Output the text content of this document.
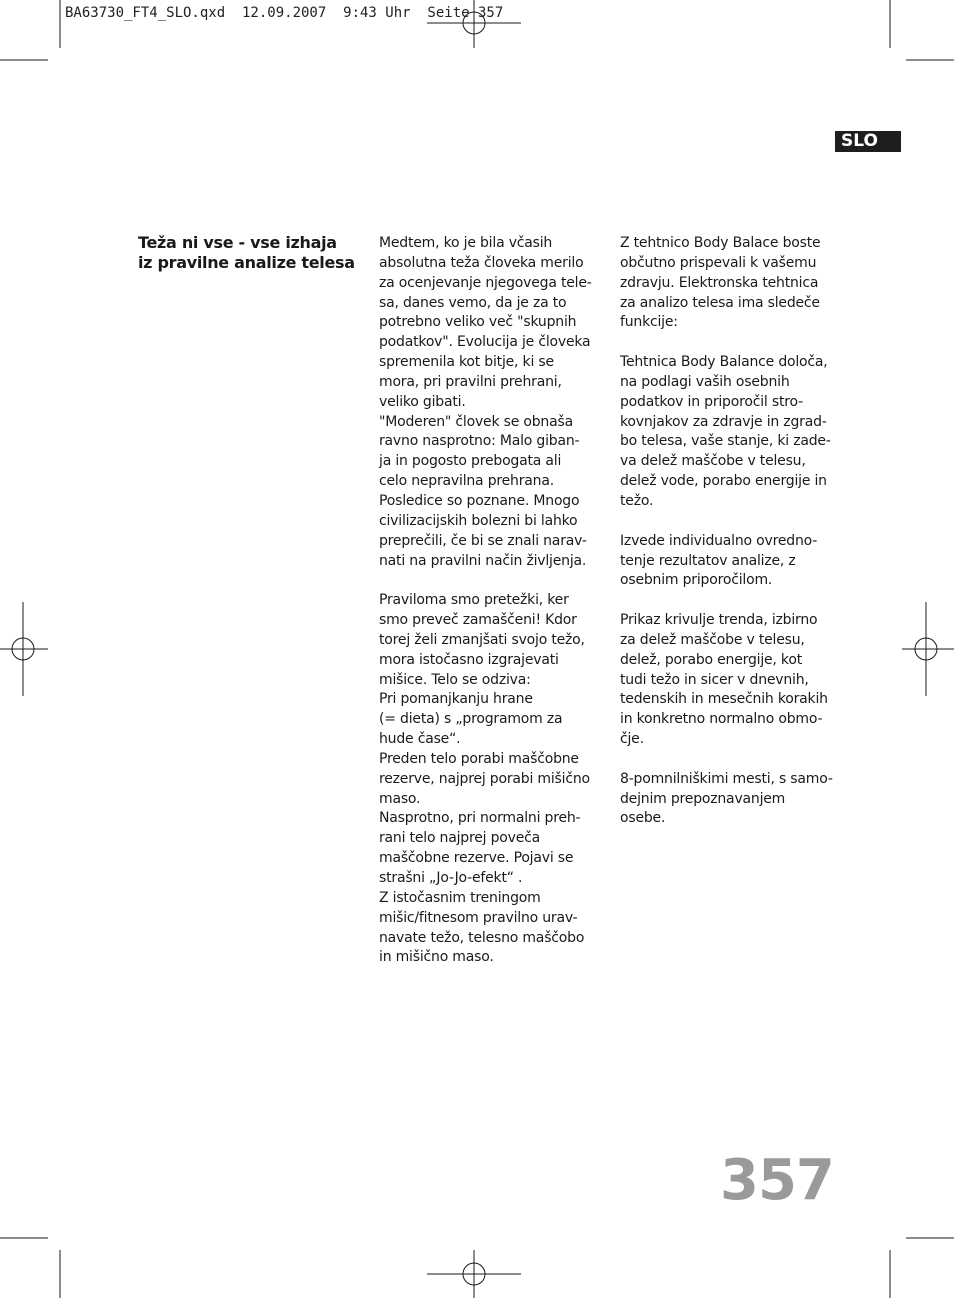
BA63730_FT4_SLO.qxd  12.09.2007  9:43 Uhr  Seite 357
SLO
Teža ni vse - vse izhaja
iz pravilne analize telesa
Medtem, ko je bila včasih
absolutna teža človeka merilo
za ocenjevanje njegovega tele-
sa, danes vemo, da je za to
potrebno veliko več "skupnih
podatkov". Evolucija je človeka
spremenila kot bitje, ki se
mora, pri pravilni prehrani,
veliko gibati.
"Moderen" človek se obnaša
ravno nasprotno: Malo giban-
ja in pogosto prebogata ali
celo nepravilna prehrana.
Posledice so poznane. Mnogo
civilizacijskih bolezni bi lahko
preprečili, če bi se znali narav-
nati na pravilni način življenja.
Praviloma smo pretežki, ker
smo preveč zamaščeni! Kdor
torej želi zmanjšati svojo težo,
mora istočasno izgrajevati
mišice. Telo se odziva:
Pri pomanjkanju hrane
(= dieta) s „programom za
hude čase“.
Preden telo porabi maščobne
rezerve, najprej porabi mišično
maso.
Nasprotno, pri normalni preh-
rani telo najprej poveča
maščobne rezerve. Pojavi se
strašni „Jo-Jo-efekt“ .
Z istočasnim treningom
mišic/fitnesom pravilno urav-
navate težo, telesno maščobo
in mišično maso.
Z tehtnico Body Balace boste
občutno prispevali k vašemu
zdravju. Elektronska tehtnica
za analizo telesa ima sledeče
funkcije:
Tehtnica Body Balance določa,
na podlagi vaših osebnih
podatkov in priporočil stro-
kovnjakov za zdravje in zgrad-
bo telesa, vaše stanje, ki zade-
va delež maščobe v telesu,
delež vode, porabo energije in
težo.
Izvede individualno ovredno-
tenje rezultatov analize, z
osebnim priporočilom.
Prikaz krivulje trenda, izbirno
za delež maščobe v telesu,
delež, porabo energije, kot
tudi težo in sicer v dnevnih,
tedenskih in mesečnih korakih
in konkretno normalno obmo-
čje.
8-pomnilniškimi mesti, s samo-
dejnim prepoznavanjem
osebe.
357
